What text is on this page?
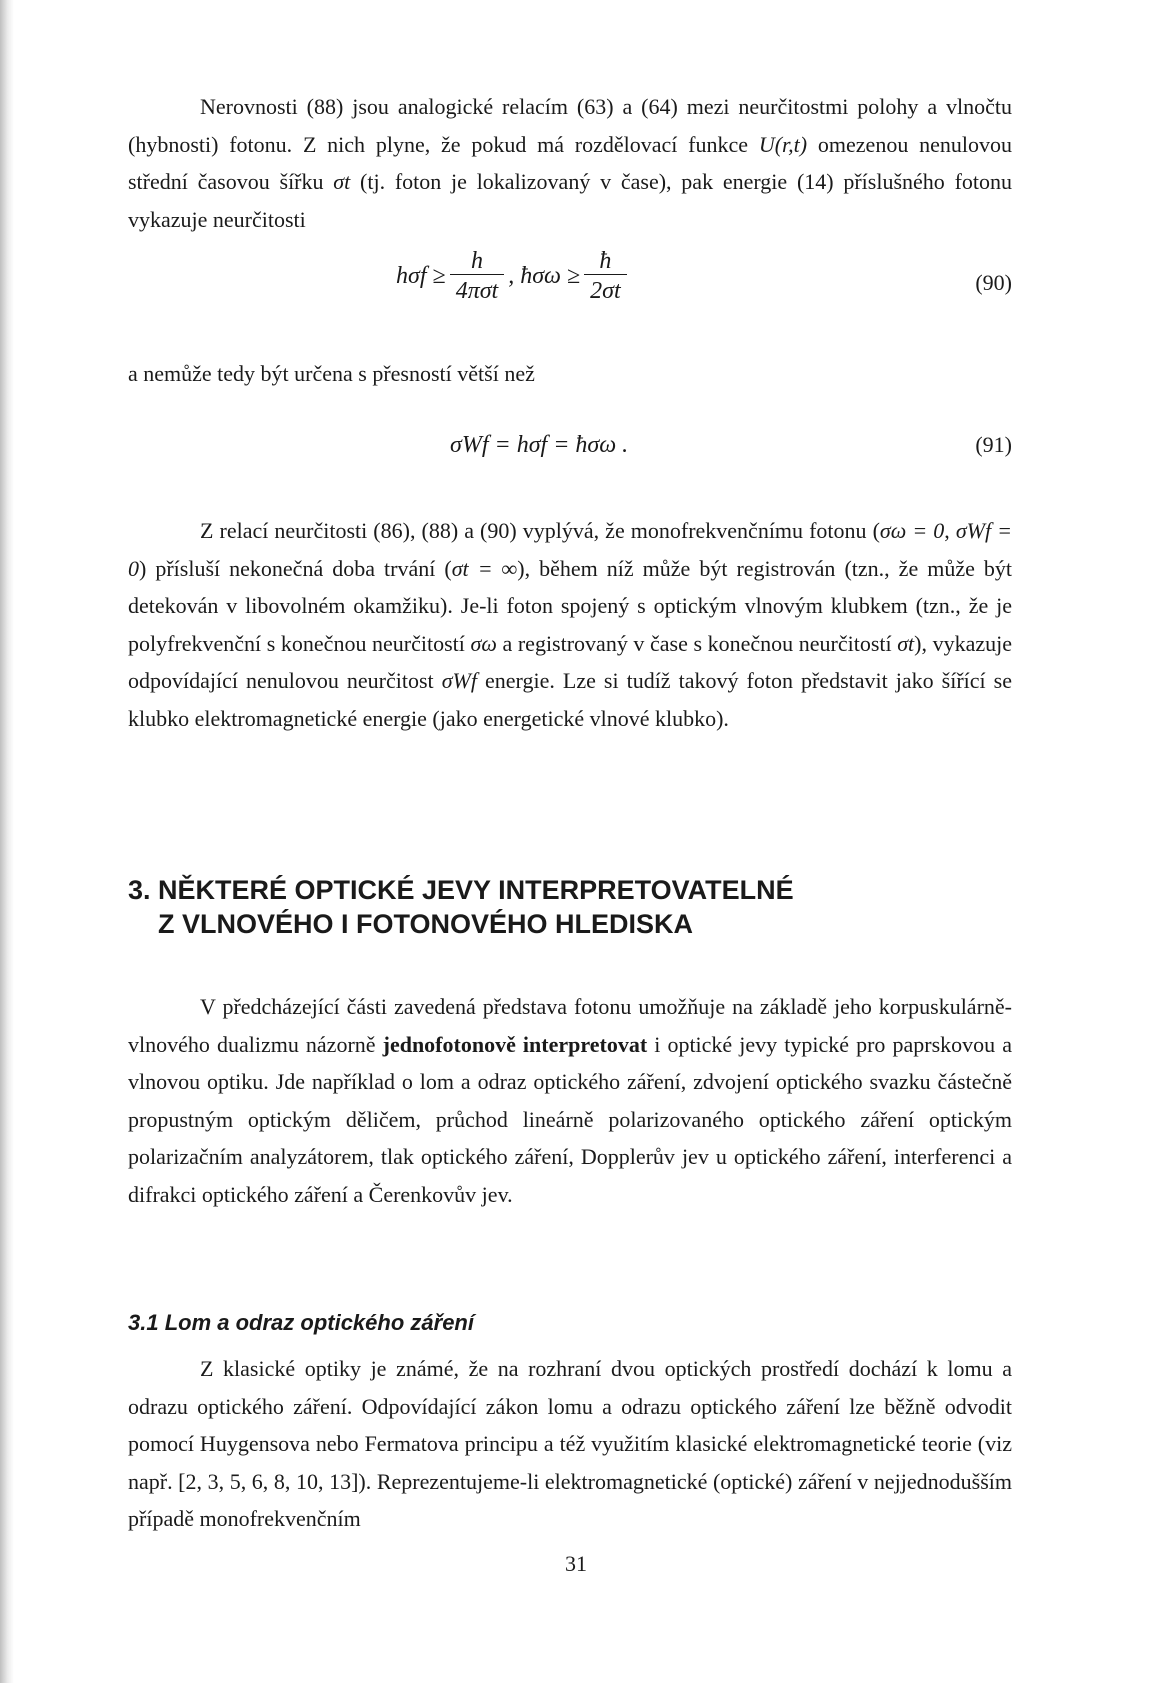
Nerovnosti (88) jsou analogické relacím (63) a (64) mezi neurčitostmi polohy a vlnočtu (hybnosti) fotonu. Z nich plyne, že pokud má rozdělovací funkce U(r,t) omezenou nenulovou střední časovou šířku σt (tj. foton je lokalizovaný v čase), pak energie (14) příslušného fotonu vykazuje neurčitosti
$h\sigma f \ge \frac{h}{\text{4πσt}}$ , ħσω ≥ $\frac{ħ}{2\sigma t}$	(90)
a nemůže tedy být určena s přesností větší než
σWf = hσf = ħσω .	(91)
Z relací neurčitosti (86), (88) a (90) vyplývá, že monofrekvenčnímu fotonu (σω = 0, σWf = 0) přísluší nekonečná doba trvání (σt = ∞), během níž může být registrován (tzn., že může být detekován v libovolném okamžiku). Je-li foton spojený s optickým vlnovým klubkem (tzn., že je polyfrekvenční s konečnou neurčitostí σω a registrovaný v čase s konečnou neurčitostí σt), vykazuje odpovídající nenulovou neurčitost σWf energie. Lze si tudíž takový foton představit jako šířící se klubko elektromagnetické energie (jako energetické vlnové klubko).
3. NĚKTERÉ OPTICKÉ JEVY INTERPRETOVATELNÉ
Z VLNOVÉHO I FOTONOVÉHO HLEDISKA
V předcházející části zavedená představa fotonu umožňuje na základě jeho korpuskulárně-vlnového dualizmu názorně jednofotonově interpretovat i optické jevy typické pro paprskovou a vlnovou optiku. Jde například o lom a odraz optického záření, zdvojení optického svazku částečně propustným optickým děličem, průchod lineárně polarizovaného optického záření optickým polarizačním analyzátorem, tlak optického záření, Dopplerův jev u optického záření, interferenci a difrakci optického záření a Čerenkovův jev.
3.1 Lom a odraz optického záření
Z klasické optiky je známé, že na rozhraní dvou optických prostředí dochází k lomu a odrazu optického záření. Odpovídající zákon lomu a odrazu optického záření lze běžně odvodit pomocí Huygensova nebo Fermatova principu a též využitím klasické elektromagnetické teorie (viz např. [2, 3, 5, 6, 8, 10, 13]). Reprezentujeme-li elektromagnetické (optické) záření v nejjednodušším případě monofrekvenčním
31
